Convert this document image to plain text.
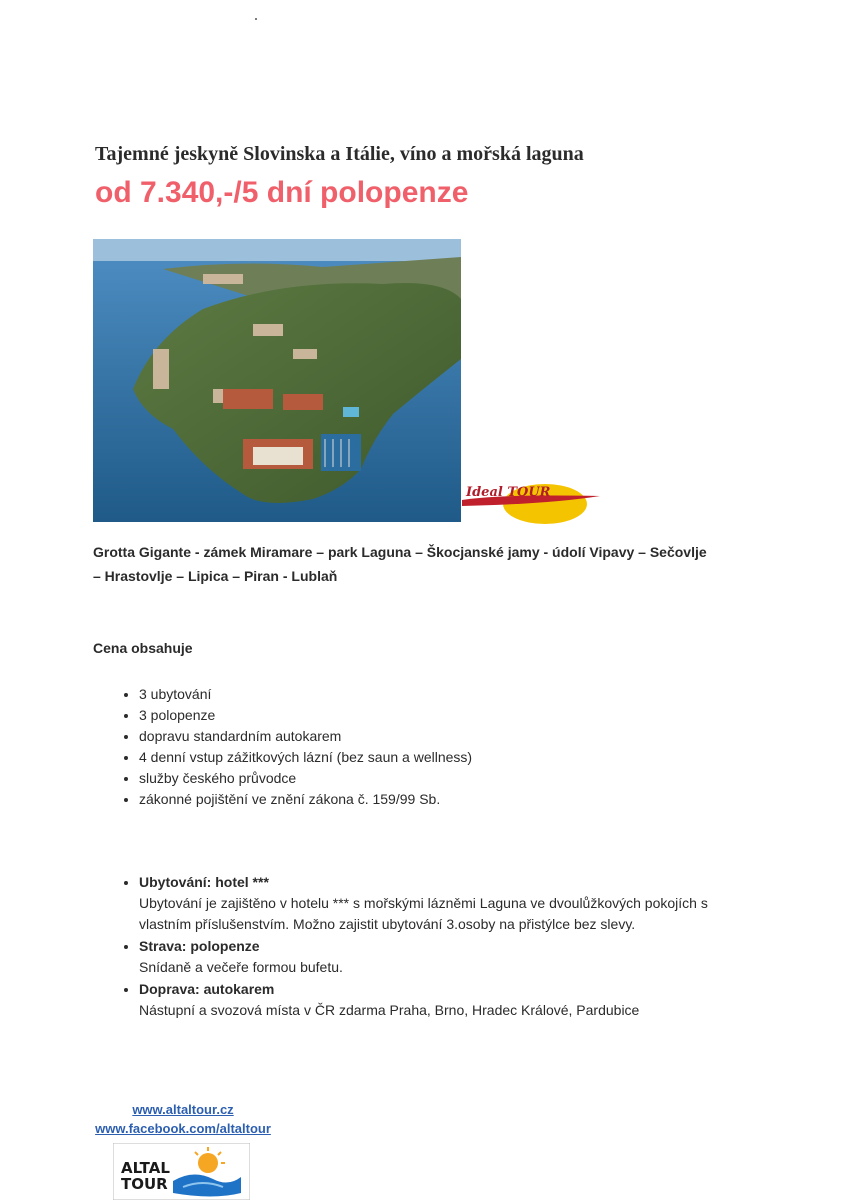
Tajemné jeskyně Slovinska a Itálie, víno a mořská laguna
od 7.340,-/5 dní polopenze
Ideal TOUR
Grotta Gigante - zámek Miramare – park Laguna – Škocjanské jamy - údolí Vipavy – Sečovlje – Hrastovlje – Lipica – Piran - Lublaň
Cena obsahuje
• 3 ubytování
• 3 polopenze
• dopravu standardním autokarem
• 4 denní vstup zážitkových lázní (bez saun a wellness)
• služby českého průvodce
• zákonné pojištění ve znění zákona č. 159/99 Sb.
• Ubytování: hotel ***
Ubytování je zajištěno v hotelu *** s mořskými lázněmi Laguna ve dvoulůžkových pokojích s vlastním příslušenstvím. Možno zajistit ubytování 3.osoby na přistýlce bez slevy.
• Strava: polopenze
Snídaně a večeře formou bufetu.
• Doprava: autokarem
Nástupní a svozová místa v ČR zdarma Praha, Brno, Hradec Králové, Pardubice
www.altaltour.cz
www.facebook.com/altaltour
ALTAL
TOUR
